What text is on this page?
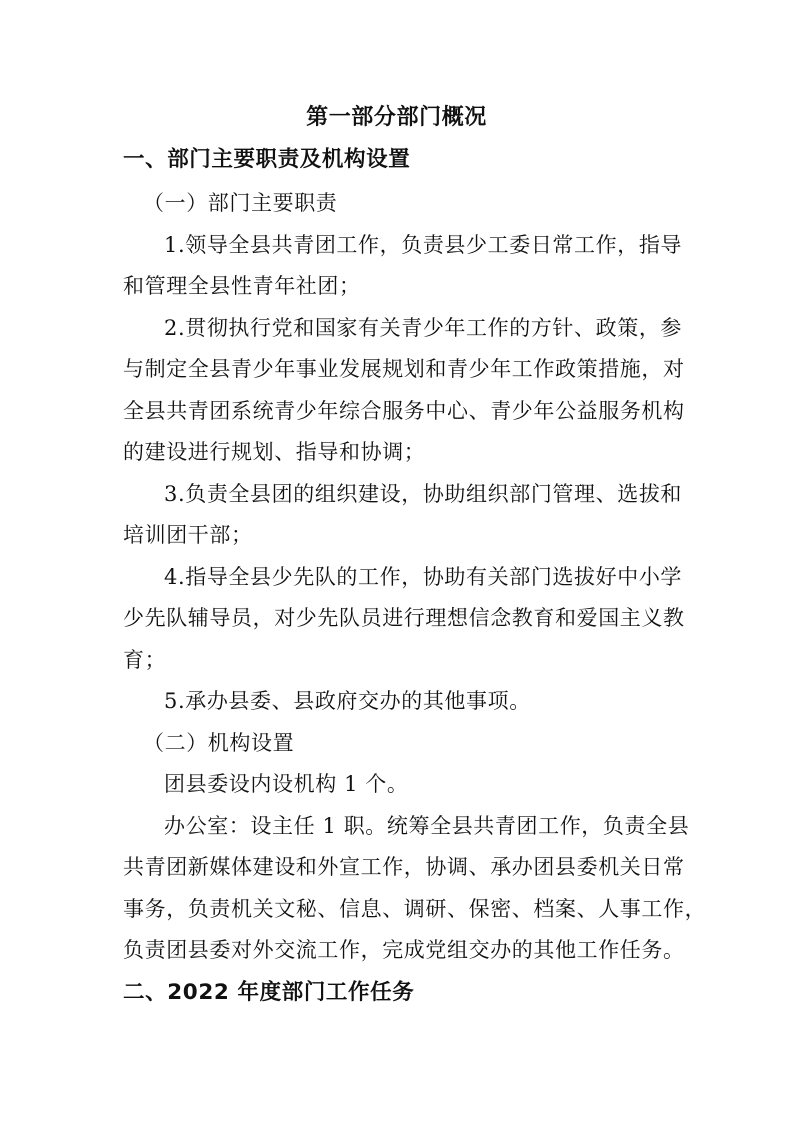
第一部分部门概况
一、部门主要职责及机构设置
（一）部门主要职责
1.领导全县共青团工作，负责县少工委日常工作，指导
和管理全县性青年社团；
2.贯彻执行党和国家有关青少年工作的方针、政策，参
与制定全县青少年事业发展规划和青少年工作政策措施，对
全县共青团系统青少年综合服务中心、青少年公益服务机构
的建设进行规划、指导和协调；
3.负责全县团的组织建设，协助组织部门管理、选拔和
培训团干部；
4.指导全县少先队的工作，协助有关部门选拔好中小学
少先队辅导员，对少先队员进行理想信念教育和爱国主义教
育；
5.承办县委、县政府交办的其他事项。
（二）机构设置
团县委设内设机构 1 个。
办公室：设主任 1 职。统筹全县共青团工作，负责全县
共青团新媒体建设和外宣工作，协调、承办团县委机关日常
事务，负责机关文秘、信息、调研、保密、档案、人事工作，
负责团县委对外交流工作，完成党组交办的其他工作任务。
二、2022 年度部门工作任务
